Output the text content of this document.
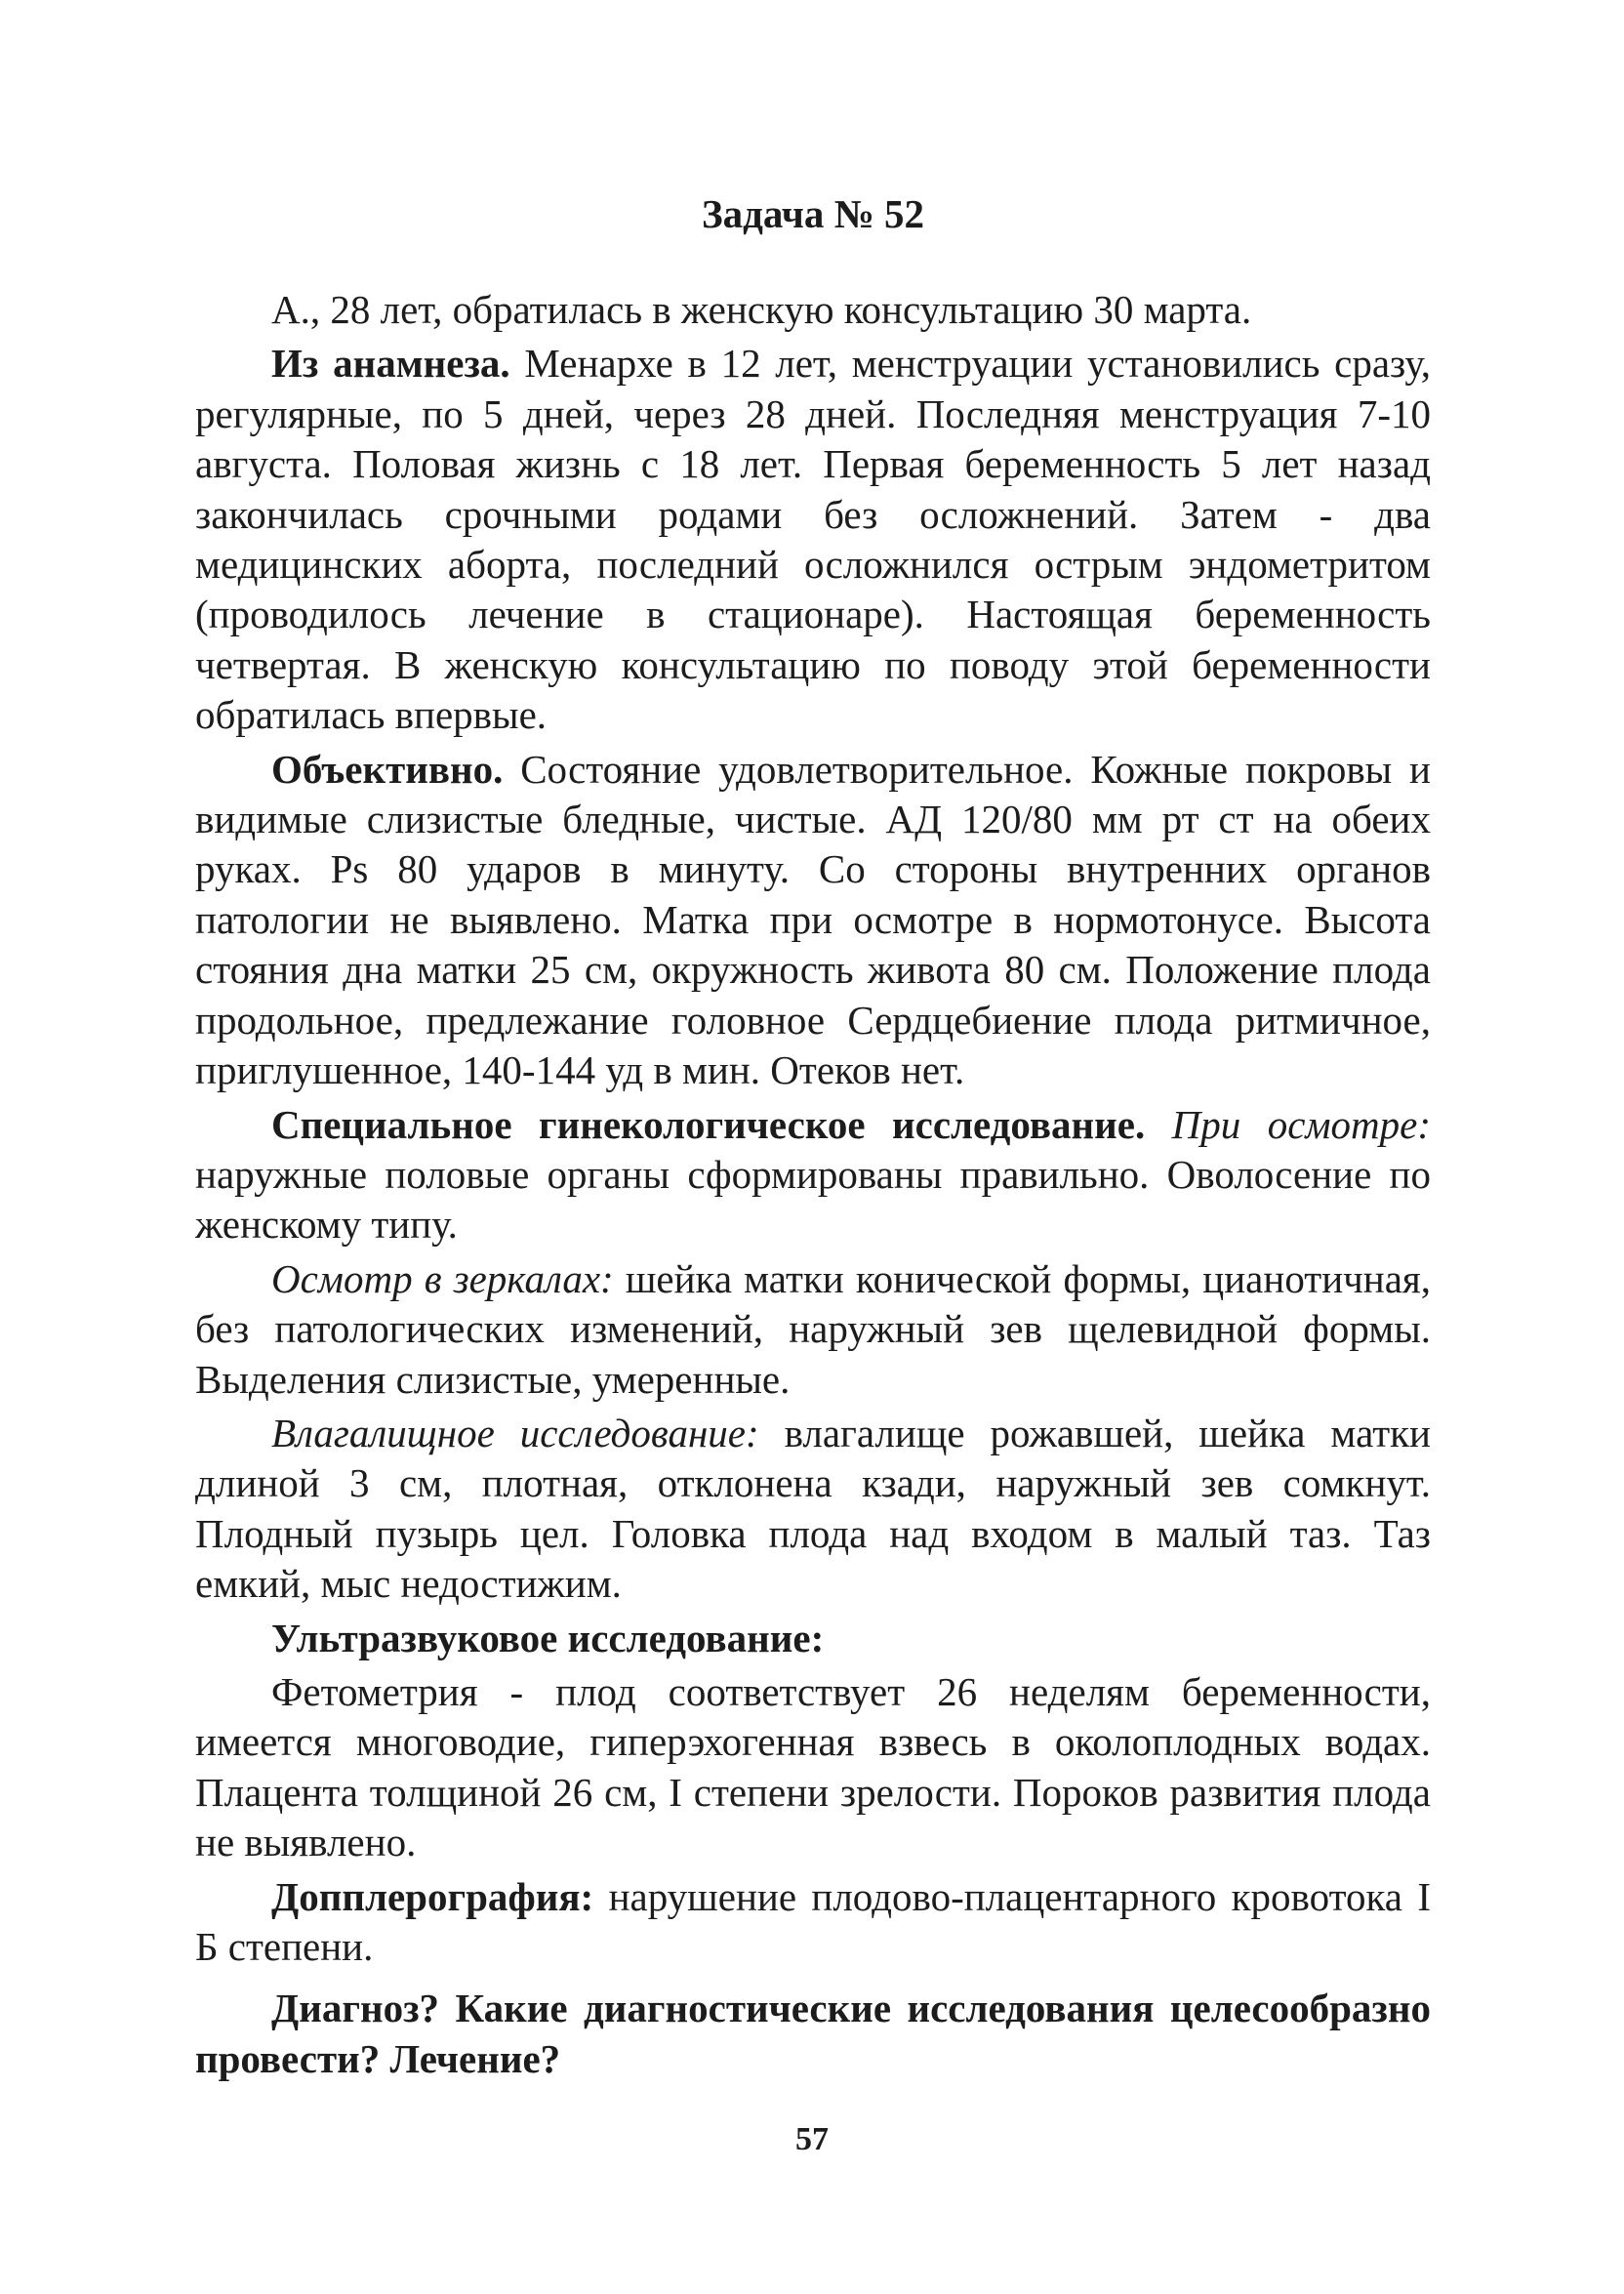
Задача № 52

А., 28 лет, обратилась в женскую консультацию 30 марта.

Из анамнеза. Менархе в 12 лет, менструации установились сразу, регулярные, по 5 дней, через 28 дней. Последняя менструация 7-10 августа. Половая жизнь с 18 лет. Первая беременность 5 лет назад закончилась срочными родами без осложнений. Затем - два медицинских аборта, последний осложнился острым эндометритом (проводилось лечение в стационаре). Настоящая беременность четвертая. В женскую консультацию по поводу этой беременности обратилась впервые.

Объективно. Состояние удовлетворительное. Кожные покровы и видимые слизистые бледные, чистые. АД 120/80 мм рт ст на обеих руках. Ps 80 ударов в минуту. Со стороны внутренних органов патологии не выявлено. Матка при осмотре в нормотонусе. Высота стояния дна матки 25 см, окружность живота 80 см. Положение плода продольное, предлежание головное Сердцебиение плода ритмичное, приглушенное, 140-144 уд в мин. Отеков нет.

Специальное гинекологическое исследование. При осмотре: наружные половые органы сформированы правильно. Оволосение по женскому типу.

Осмотр в зеркалах: шейка матки конической формы, цианотичная, без патологических изменений, наружный зев щелевидной формы. Выделения слизистые, умеренные.

Влагалищное исследование: влагалище рожавшей, шейка матки длиной 3 см, плотная, отклонена кзади, наружный зев сомкнут. Плодный пузырь цел. Головка плода над входом в малый таз. Таз емкий, мыс недостижим.

Ультразвуковое исследование:

Фетометрия - плод соответствует 26 неделям беременности, имеется многоводие, гиперэхогенная взвесь в околоплодных водах. Плацента толщиной 26 см, I степени зрелости. Пороков развития плода не выявлено.

Допплерография: нарушение плодово-плацентарного кровотока I Б степени.

Диагноз? Какие диагностические исследования целесообразно провести? Лечение?

57
